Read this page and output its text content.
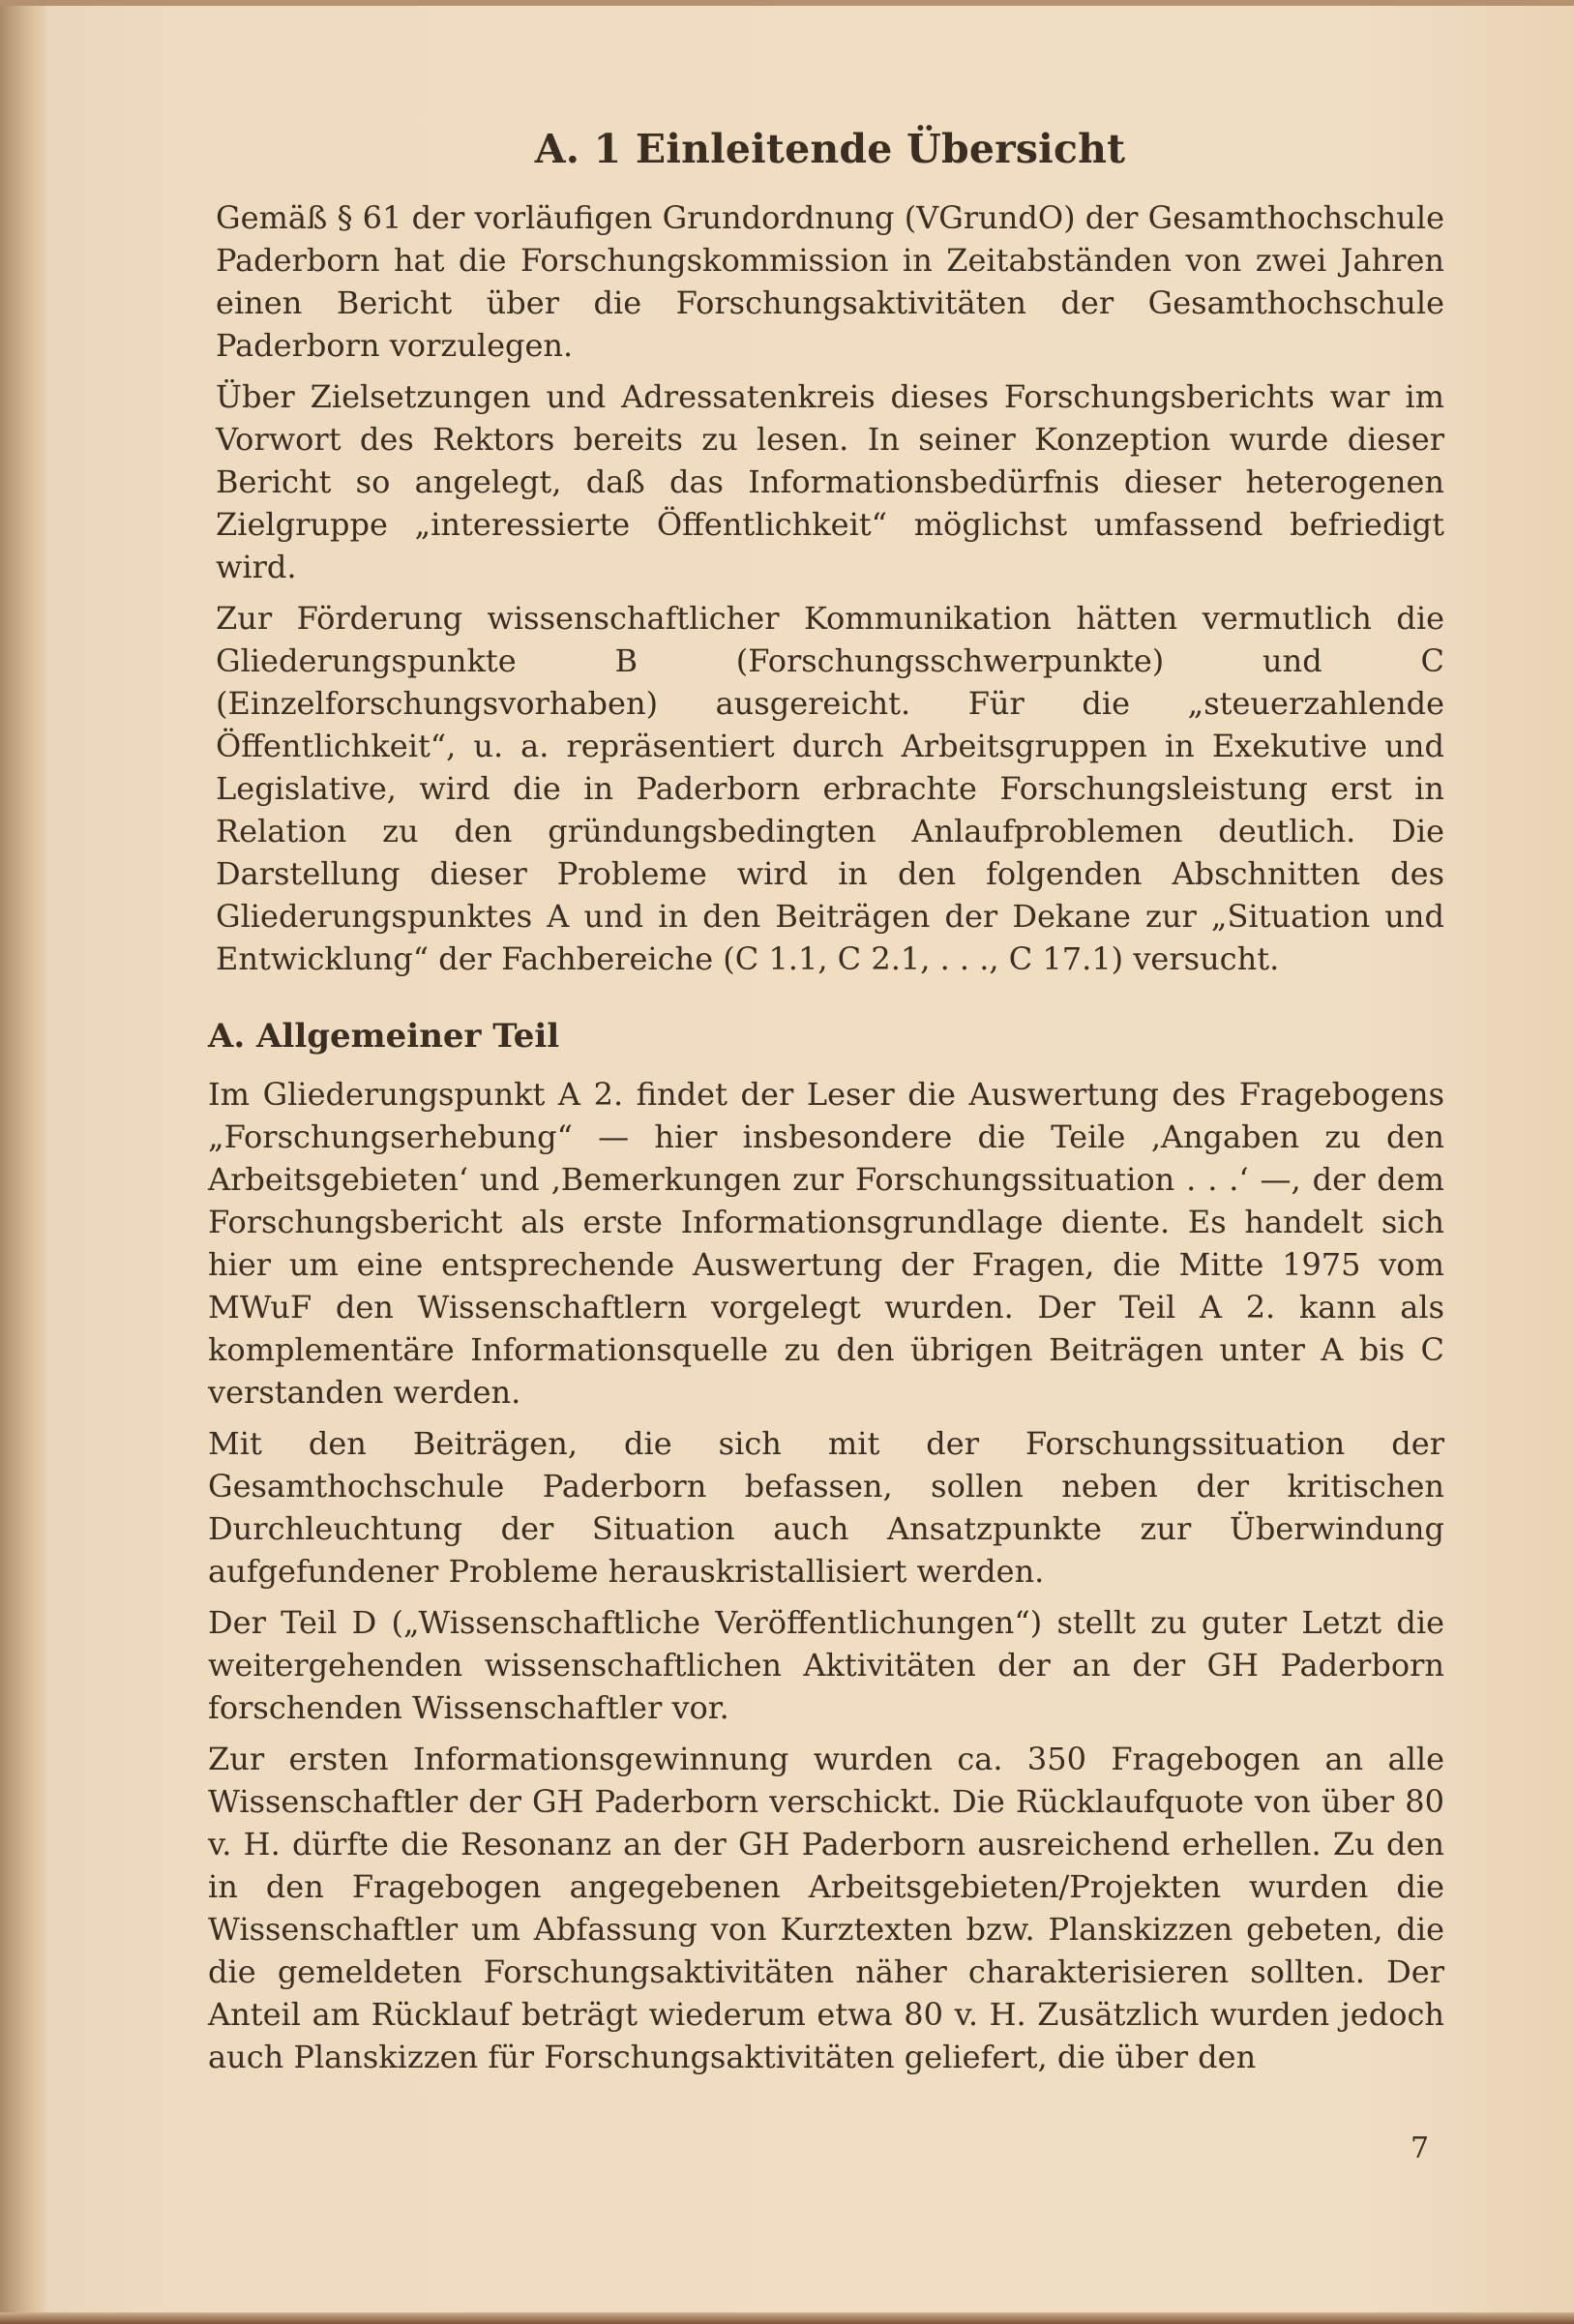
A. 1 Einleitende Übersicht

Gemäß § 61 der vorläufigen Grundordnung (VGrundO) der Gesamthochschule Paderborn hat die Forschungskommission in Zeitabständen von zwei Jahren einen Bericht über die Forschungsaktivitäten der Gesamthochschule Paderborn vorzulegen.

Über Zielsetzungen und Adressatenkreis dieses Forschungsberichts war im Vorwort des Rektors bereits zu lesen. In seiner Konzeption wurde dieser Bericht so angelegt, daß das Informationsbedürfnis dieser heterogenen Zielgruppe „interessierte Öffentlichkeit“ möglichst umfassend befriedigt wird.

Zur Förderung wissenschaftlicher Kommunikation hätten vermutlich die Gliederungspunkte B (Forschungsschwerpunkte) und C (Einzelforschungsvorhaben) ausgereicht. Für die „steuerzahlende Öffentlichkeit“, u. a. repräsentiert durch Arbeitsgruppen in Exekutive und Legislative, wird die in Paderborn erbrachte Forschungsleistung erst in Relation zu den gründungsbedingten Anlaufproblemen deutlich. Die Darstellung dieser Probleme wird in den folgenden Abschnitten des Gliederungspunktes A und in den Beiträgen der Dekane zur „Situation und Entwicklung“ der Fachbereiche (C 1.1, C 2.1, . . ., C 17.1) versucht.

A. Allgemeiner Teil

Im Gliederungspunkt A 2. findet der Leser die Auswertung des Fragebogens „Forschungserhebung“ — hier insbesondere die Teile ‚Angaben zu den Arbeitsgebieten‘ und ‚Bemerkungen zur Forschungssituation . . .‘ —, der dem Forschungsbericht als erste Informationsgrundlage diente. Es handelt sich hier um eine entsprechende Auswertung der Fragen, die Mitte 1975 vom MWuF den Wissenschaftlern vorgelegt wurden. Der Teil A 2. kann als komplementäre Informationsquelle zu den übrigen Beiträgen unter A bis C verstanden werden.

Mit den Beiträgen, die sich mit der Forschungssituation der Gesamthochschule Paderborn befassen, sollen neben der kritischen Durchleuchtung der Situation auch Ansatzpunkte zur Überwindung aufgefundener Probleme herauskristallisiert werden.

Der Teil D („Wissenschaftliche Veröffentlichungen“) stellt zu guter Letzt die weitergehenden wissenschaftlichen Aktivitäten der an der GH Paderborn forschenden Wissenschaftler vor.

Zur ersten Informationsgewinnung wurden ca. 350 Fragebogen an alle Wissenschaftler der GH Paderborn verschickt. Die Rücklaufquote von über 80 v. H. dürfte die Resonanz an der GH Paderborn ausreichend erhellen. Zu den in den Fragebogen angegebenen Arbeitsgebieten/Projekten wurden die Wissenschaftler um Abfassung von Kurztexten bzw. Planskizzen gebeten, die die gemeldeten Forschungsaktivitäten näher charakterisieren sollten. Der Anteil am Rücklauf beträgt wiederum etwa 80 v. H. Zusätzlich wurden jedoch auch Planskizzen für Forschungsaktivitäten geliefert, die über den

7
